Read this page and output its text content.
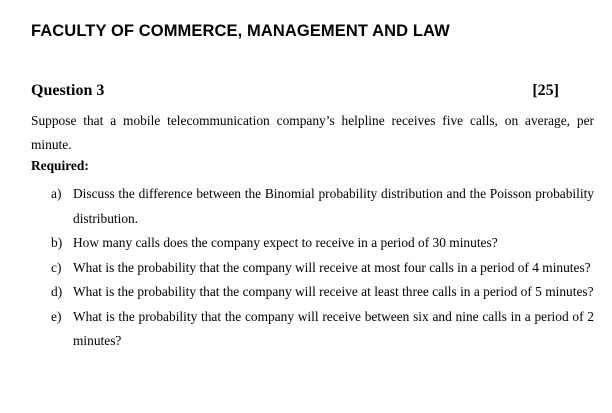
FACULTY OF COMMERCE, MANAGEMENT AND LAW
Question 3	[25]
Suppose that a mobile telecommunication company’s helpline receives five calls, on average, per minute.
Required:
a) Discuss the difference between the Binomial probability distribution and the Poisson probability distribution.
b) How many calls does the company expect to receive in a period of 30 minutes?
c) What is the probability that the company will receive at most four calls in a period of 4 minutes?
d) What is the probability that the company will receive at least three calls in a period of 5 minutes?
e) What is the probability that the company will receive between six and nine calls in a period of 2 minutes?
